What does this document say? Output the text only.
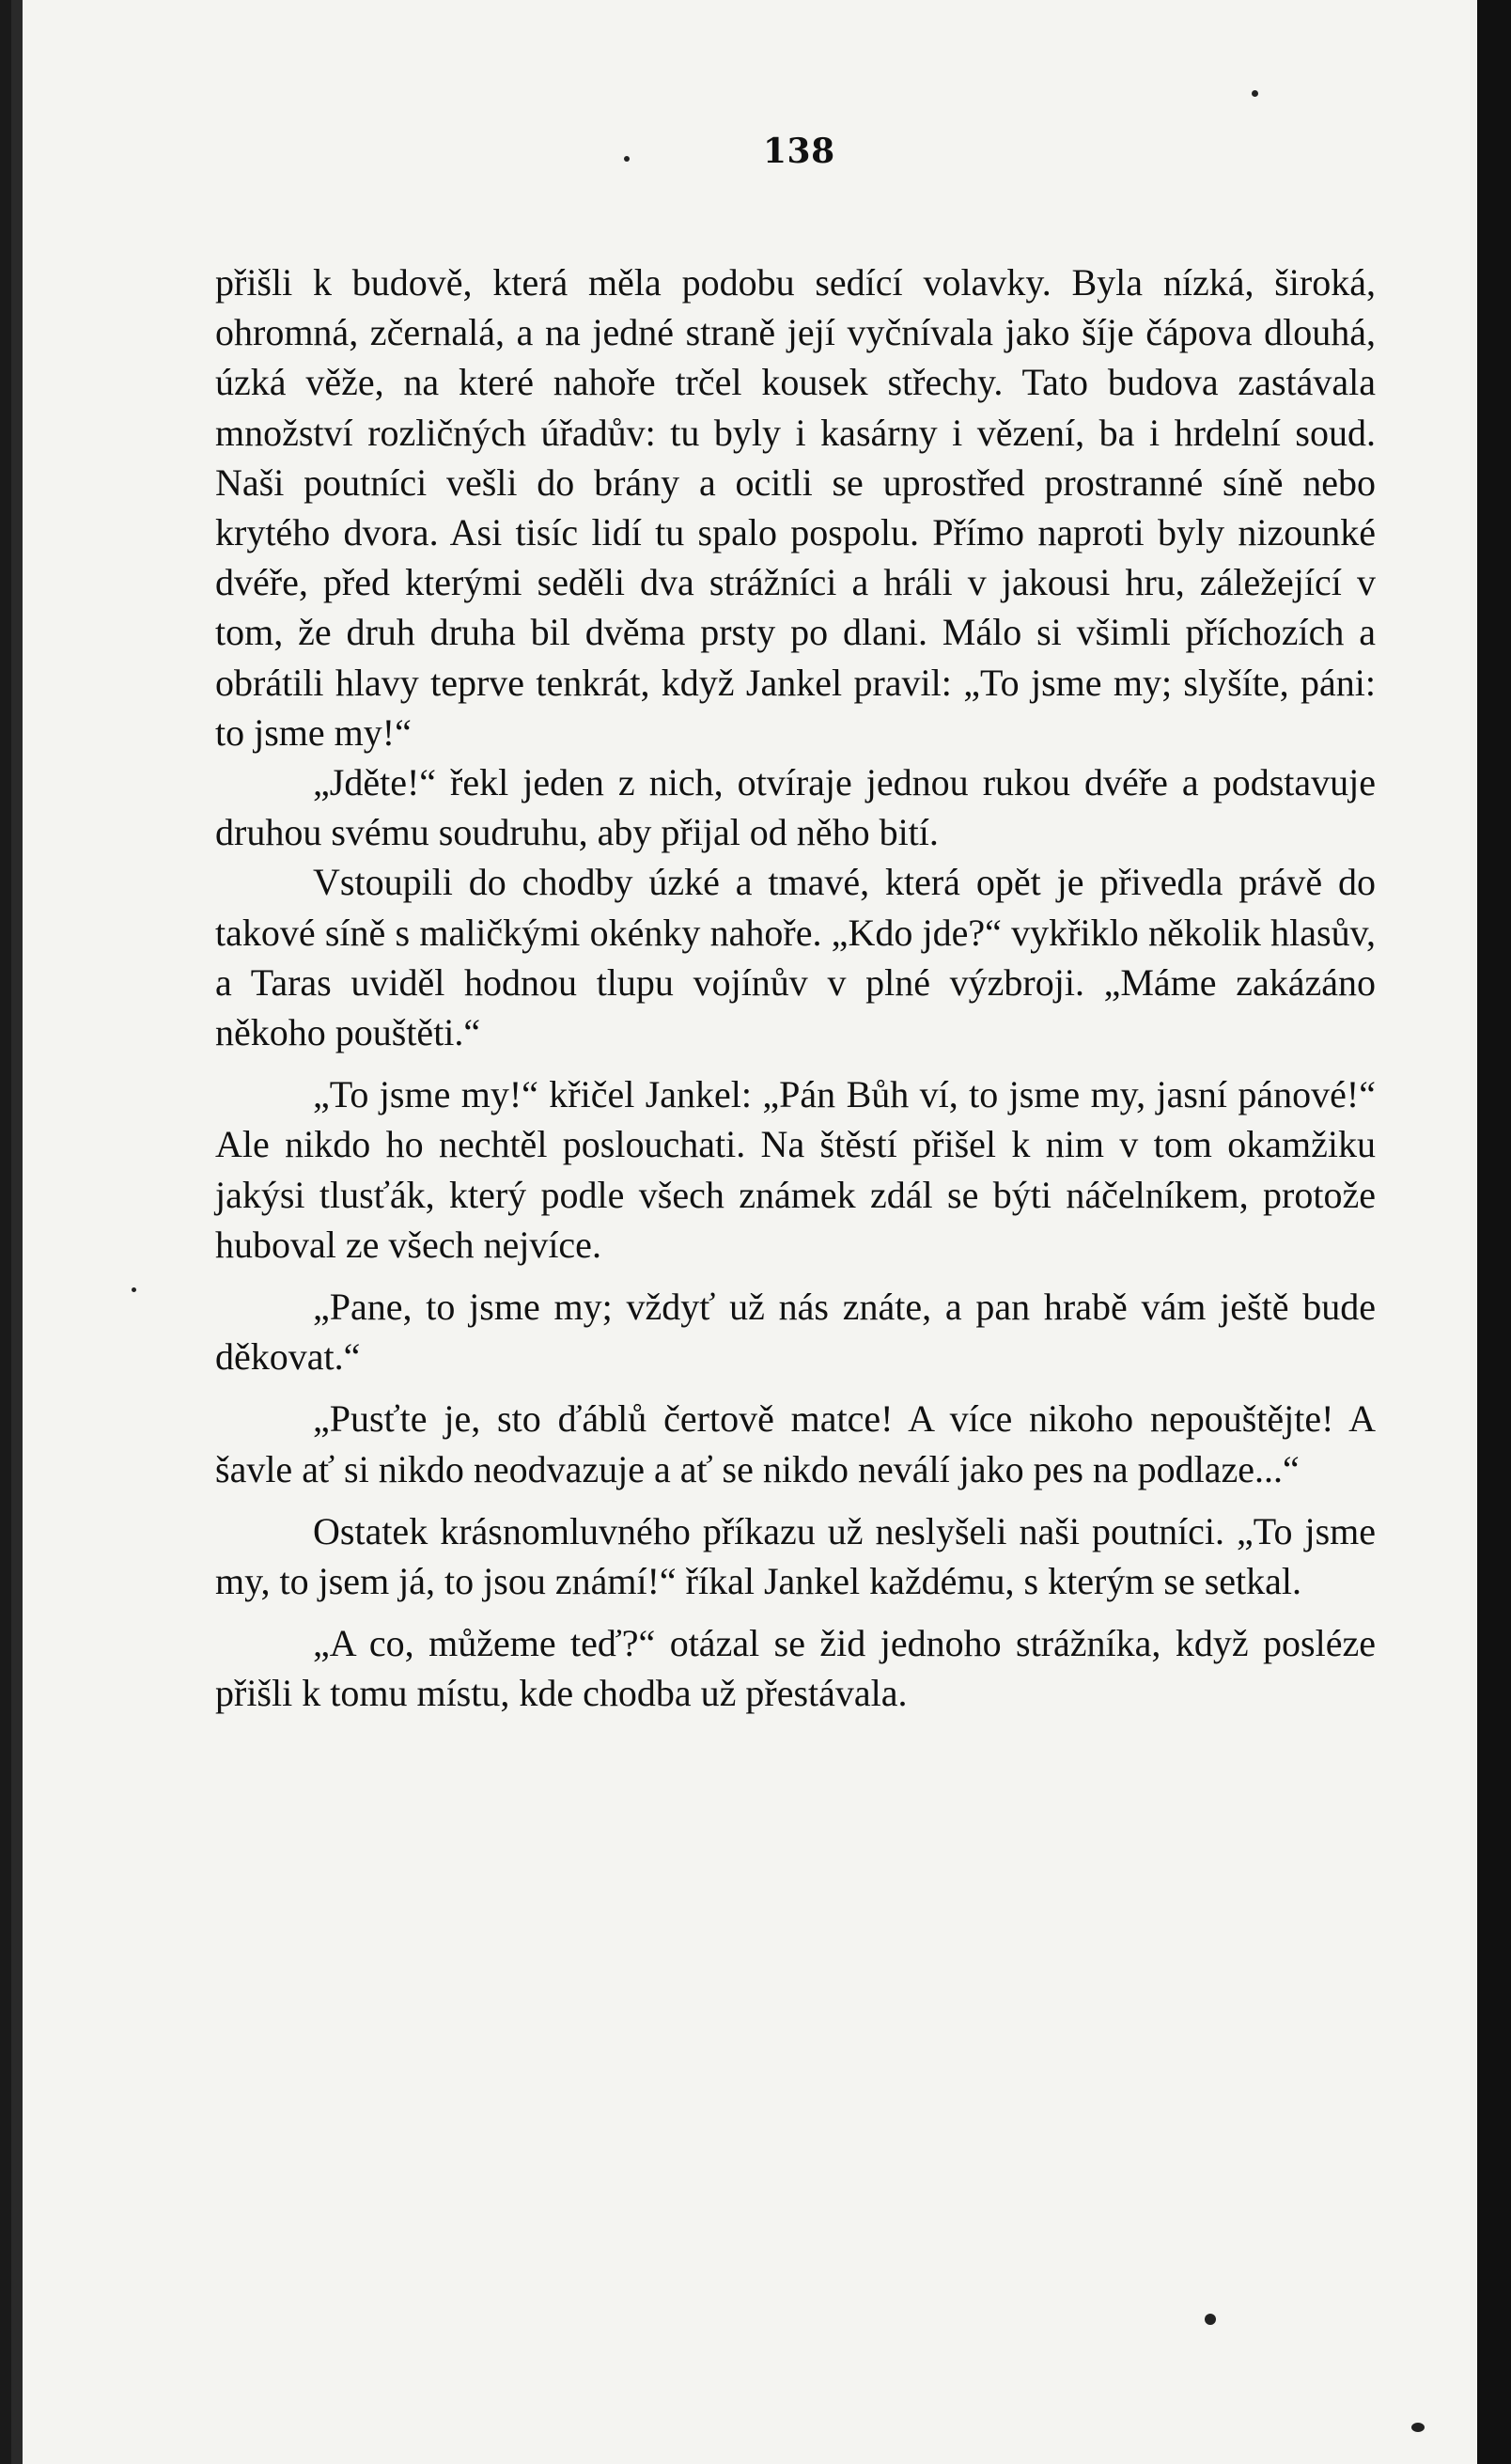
138

přišli k budově, která měla podobu sedící volavky. Byla nízká, široká, ohromná, zčernalá, a na jedné straně její vyčnívala jako šíje čápova dlouhá, úzká věže, na které nahoře trčel kousek střechy. Tato budova zastávala množství rozličných úřadův: tu byly i kasárny i vězení, ba i hrdelní soud. Naši poutníci vešli do brány a ocitli se uprostřed prostranné síně nebo krytého dvora. Asi tisíc lidí tu spalo pospolu. Přímo naproti byly nizounké dvéře, před kterými seděli dva strážníci a hráli v jakousi hru, záležející v tom, že druh druha bil dvěma prsty po dlani. Málo si všimli příchozích a obrátili hlavy teprve tenkrát, když Jankel pravil: „To jsme my; slyšíte, páni: to jsme my!“

„Jděte!“ řekl jeden z nich, otvíraje jednou rukou dvéře a podstavuje druhou svému soudruhu, aby přijal od něho bití.

Vstoupili do chodby úzké a tmavé, která opět je přivedla právě do takové síně s maličkými okénky nahoře. „Kdo jde?“ vykřiklo několik hlasův, a Taras uviděl hodnou tlupu vojínův v plné výzbroji. „Máme zakázáno někoho pouštěti.“

„To jsme my!“ křičel Jankel: „Pán Bůh ví, to jsme my, jasní pánové!“ Ale nikdo ho nechtěl poslouchati. Na štěstí přišel k nim v tom okamžiku jakýsi tlusťák, který podle všech známek zdál se býti náčelníkem, protože huboval ze všech nejvíce.

„Pane, to jsme my; vždyť už nás znáte, a pan hrabě vám ještě bude děkovat.“

„Pusťte je, sto ďáblů čertově matce! A více nikoho nepouštějte! A šavle ať si nikdo neodvazuje a ať se nikdo neválí jako pes na podlaze...“

Ostatek krásnomluvného příkazu už neslyšeli naši poutníci. „To jsme my, to jsem já, to jsou známí!“ říkal Jankel každému, s kterým se setkal.

„A co, můžeme teď?“ otázal se žid jednoho strážníka, když posléze přišli k tomu místu, kde chodba už přestávala.
